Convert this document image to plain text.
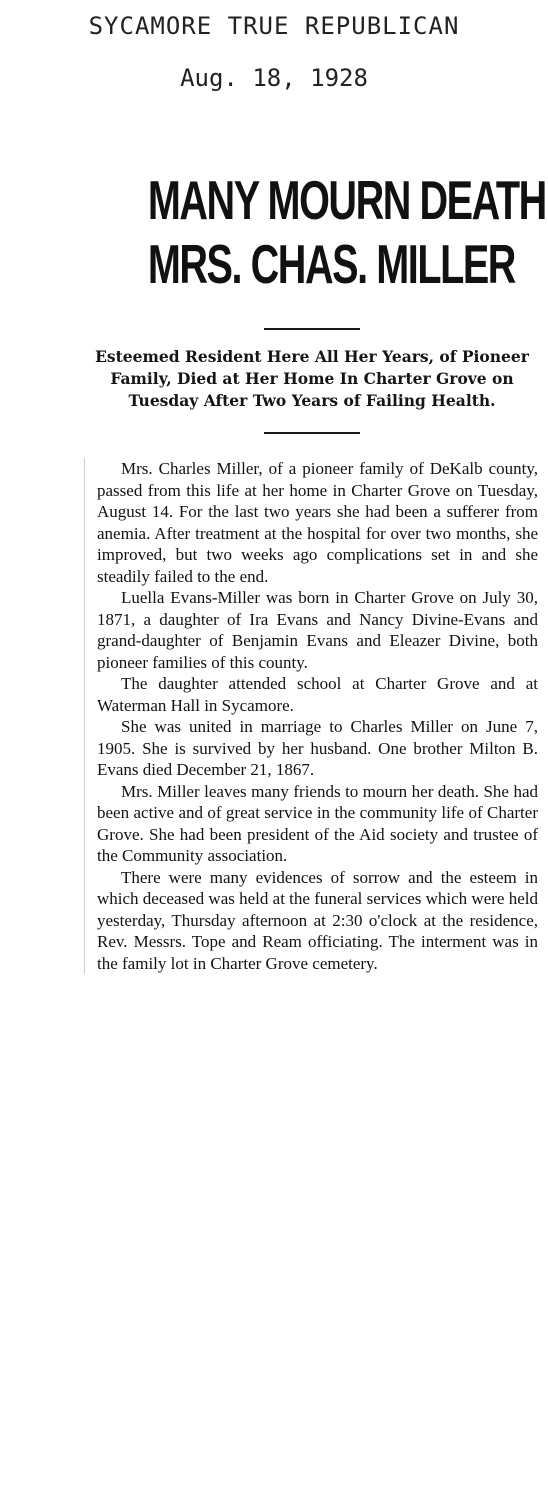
SYCAMORE TRUE REPUBLICAN
Aug. 18, 1928
MANY MOURN DEATH
MRS. CHAS. MILLER

Esteemed Resident Here All Her Years, of Pioneer Family, Died at Her Home In Charter Grove on Tuesday After Two Years of Failing Health.

Mrs. Charles Miller, of a pioneer family of DeKalb county, passed from this life at her home in Charter Grove on Tuesday, August 14. For the last two years she had been a sufferer from anemia. After treatment at the hospital for over two months, she improved, but two weeks ago complications set in and she steadily failed to the end.

Luella Evans-Miller was born in Charter Grove on July 30, 1871, a daughter of Ira Evans and Nancy Divine-Evans and grand-daughter of Benjamin Evans and Eleazer Divine, both pioneer families of this county.

The daughter attended school at Charter Grove and at Waterman Hall in Sycamore.

She was united in marriage to Charles Miller on June 7, 1905. She is survived by her husband. One brother Milton B. Evans died December 21, 1867.

Mrs. Miller leaves many friends to mourn her death. She had been active and of great service in the community life of Charter Grove. She had been president of the Aid society and trustee of the Community association.

There were many evidences of sorrow and the esteem in which deceased was held at the funeral services which were held yesterday, Thursday afternoon at 2:30 o'clock at the residence, Rev. Messrs. Tope and Ream officiating. The interment was in the family lot in Charter Grove cemetery.
